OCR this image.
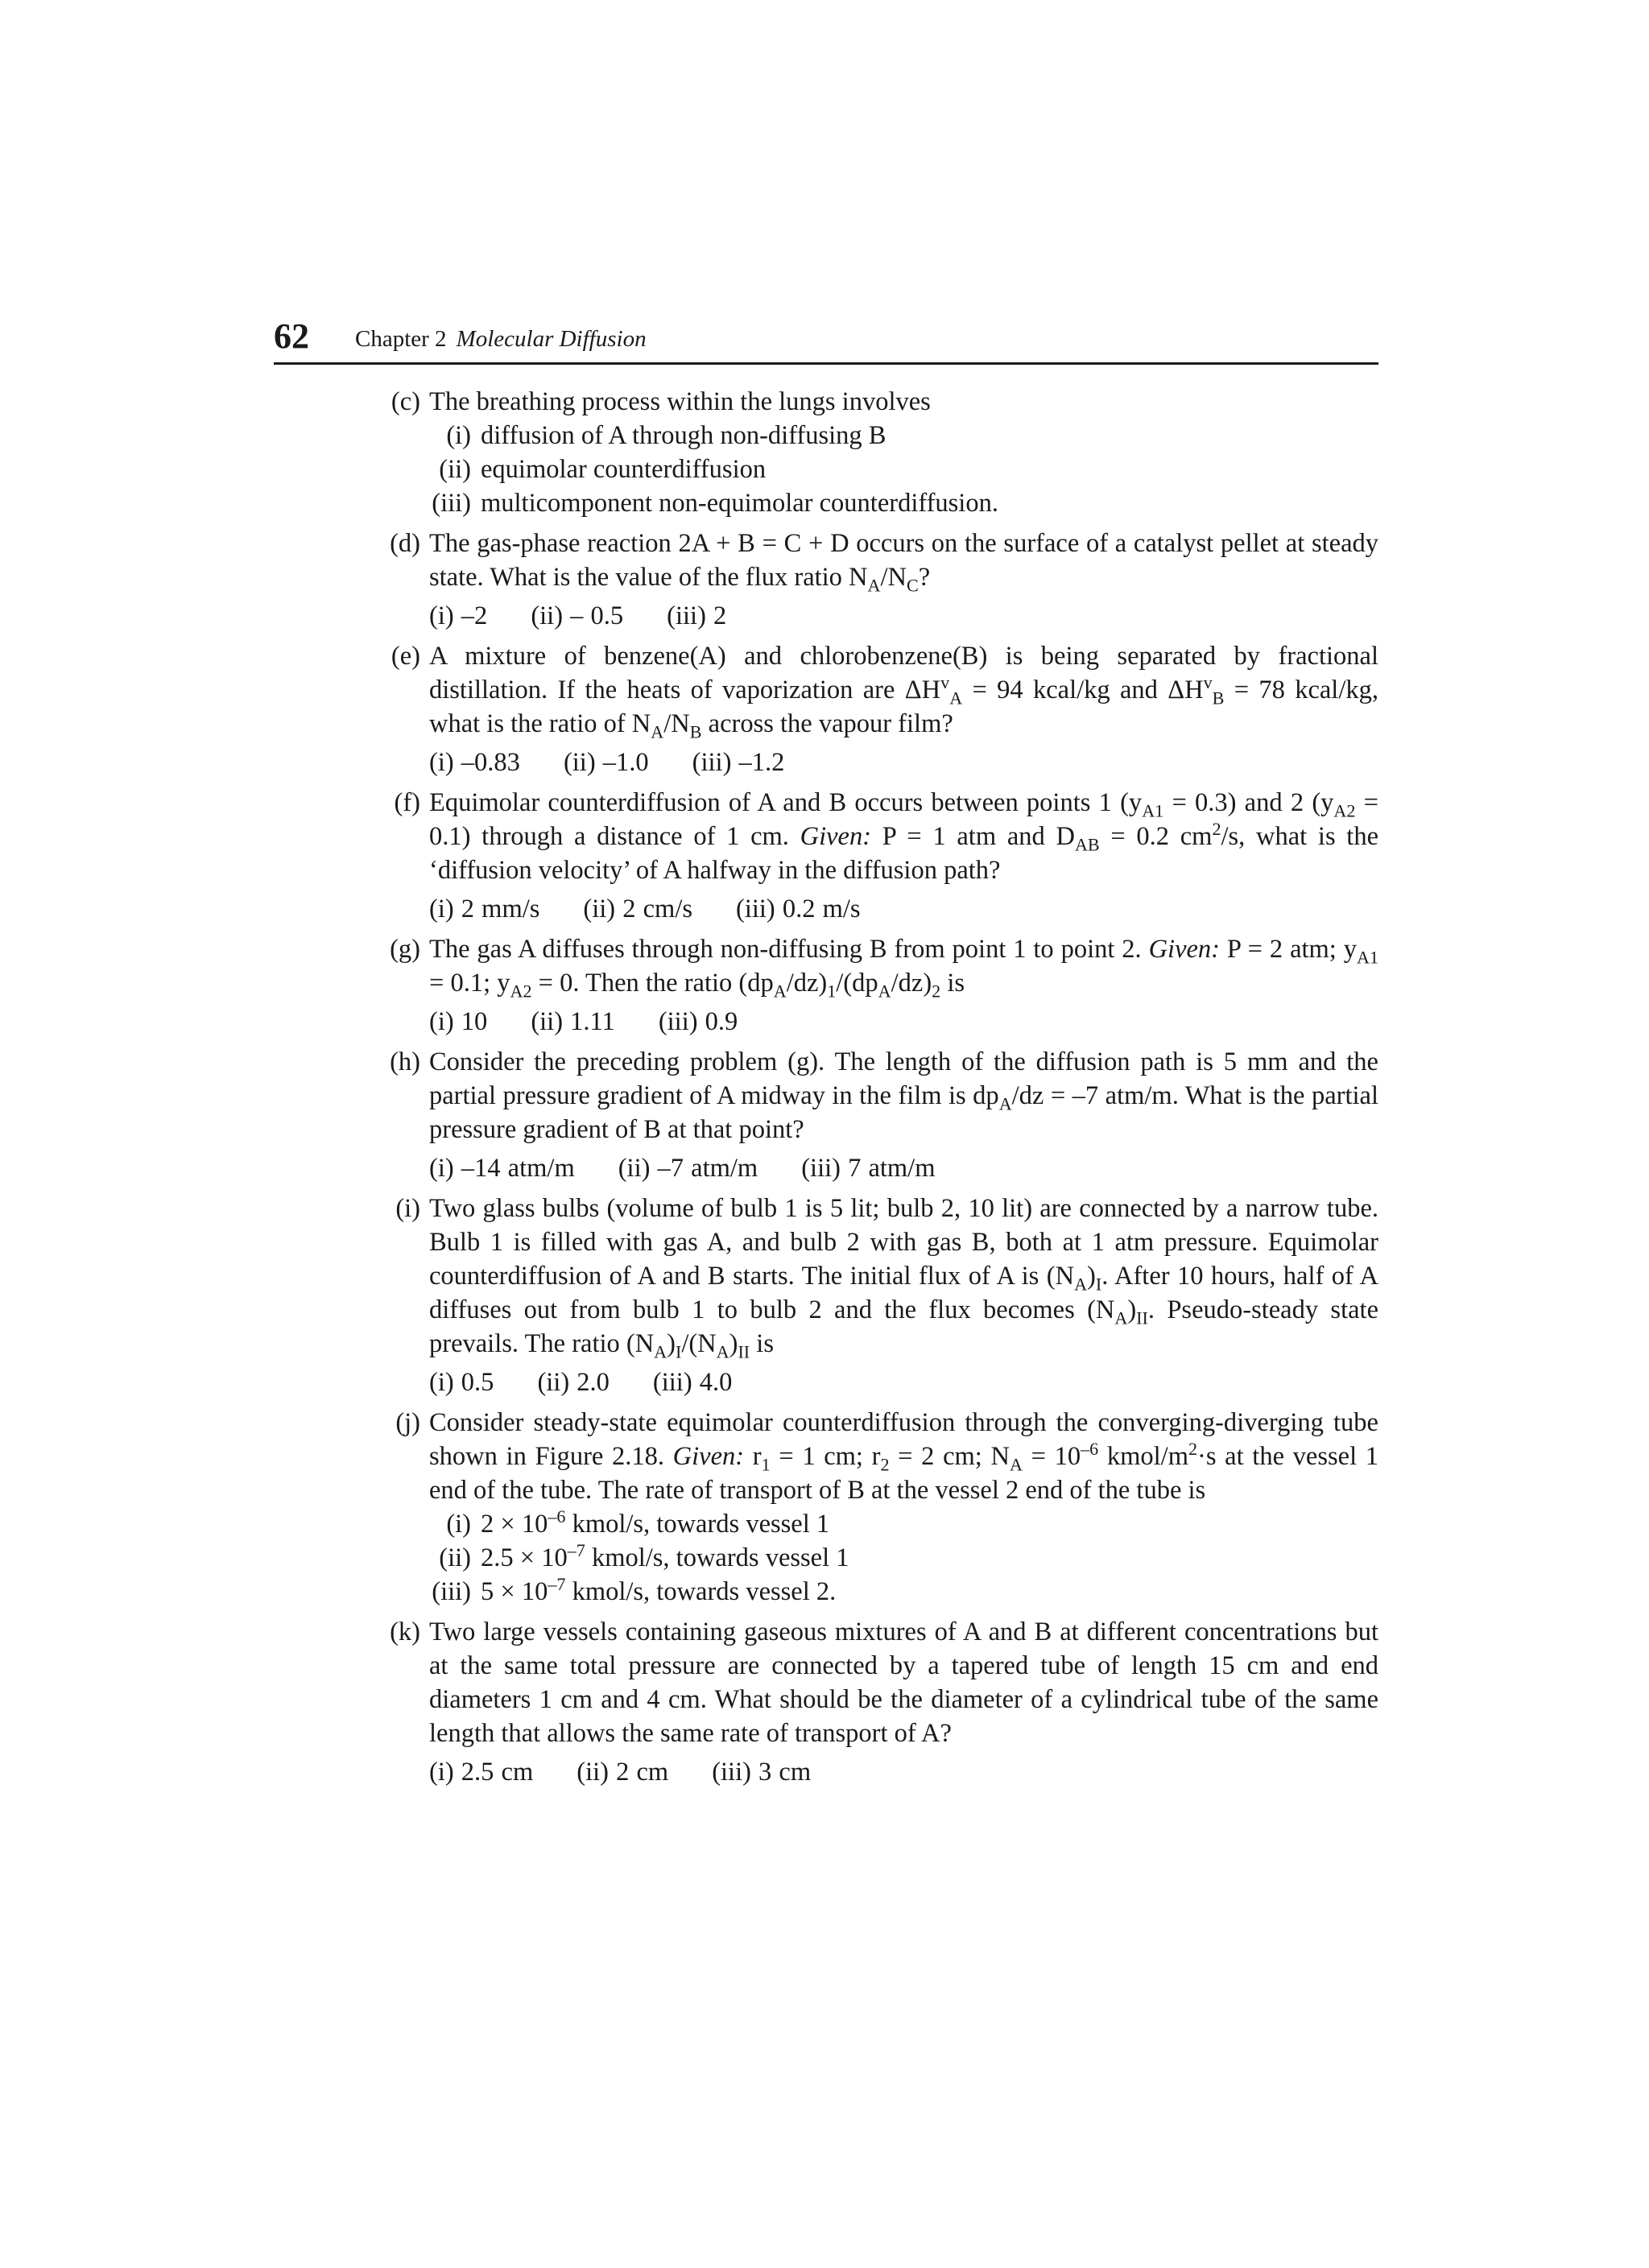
62 Chapter 2 Molecular Diffusion
(c) The breathing process within the lungs involves
(i) diffusion of A through non-diffusing B
(ii) equimolar counterdiffusion
(iii) multicomponent non-equimolar counterdiffusion.
(d) The gas-phase reaction 2A + B = C + D occurs on the surface of a catalyst pellet at steady state. What is the value of the flux ratio $N_A/N_C$?
(i) –2 (ii) – 0.5 (iii) 2
(e) A mixture of benzene(A) and chlorobenzene(B) is being separated by fractional distillation. If the heats of vaporization are $\Delta H^v_A = 94$ kcal/kg and $\Delta H^v_B = 78$ kcal/kg, what is the ratio of $N_A/N_B$ across the vapour film?
(i) –0.83 (ii) –1.0 (iii) –1.2
(f) Equimolar counterdiffusion of A and B occurs between points 1 $(y_{A1} = 0.3)$ and 2 $(y_{A2} = 0.1)$ through a distance of 1 cm. Given: P = 1 atm and $D_{AB} = 0.2$ $cm^2/s$, what is the ‘diffusion velocity’ of A halfway in the diffusion path?
(i) 2 mm/s (ii) 2 cm/s (iii) 0.2 m/s
(g) The gas A diffuses through non-diffusing B from point 1 to point 2. Given: P = 2 atm; $y_{A1} = 0.1$; $y_{A2} = 0$. Then the ratio $(dp_A/dz)_1/(dp_A/dz)_2$ is
(i) 10 (ii) 1.11 (iii) 0.9
(h) Consider the preceding problem (g). The length of the diffusion path is 5 mm and the partial pressure gradient of A midway in the film is $dp_A/dz = -7$ atm/m. What is the partial pressure gradient of B at that point?
(i) –14 atm/m (ii) –7 atm/m (iii) 7 atm/m
(i) Two glass bulbs (volume of bulb 1 is 5 lit; bulb 2, 10 lit) are connected by a narrow tube. Bulb 1 is filled with gas A, and bulb 2 with gas B, both at 1 atm pressure. Equimolar counterdiffusion of A and B starts. The initial flux of A is $(N_A)_I$. After 10 hours, half of A diffuses out from bulb 1 to bulb 2 and the flux becomes $(N_A)_{II}$. Pseudo-steady state prevails. The ratio $(N_A)_I/(N_A)_{II}$ is
(i) 0.5 (ii) 2.0 (iii) 4.0
(j) Consider steady-state equimolar counterdiffusion through the converging-diverging tube shown in Figure 2.18. Given: $r_1 = 1$ cm; $r_2 = 2$ cm; $N_A = 10^{-6}$ kmol/$m^2\cdot s$ at the vessel 1 end of the tube. The rate of transport of B at the vessel 2 end of the tube is
(i) $2 \times 10^{-6}$ kmol/s, towards vessel 1
(ii) $2.5 \times 10^{-7}$ kmol/s, towards vessel 1
(iii) $5 \times 10^{-7}$ kmol/s, towards vessel 2.
(k) Two large vessels containing gaseous mixtures of A and B at different concentrations but at the same total pressure are connected by a tapered tube of length 15 cm and end diameters 1 cm and 4 cm. What should be the diameter of a cylindrical tube of the same length that allows the same rate of transport of A?
(i) 2.5 cm (ii) 2 cm (iii) 3 cm
